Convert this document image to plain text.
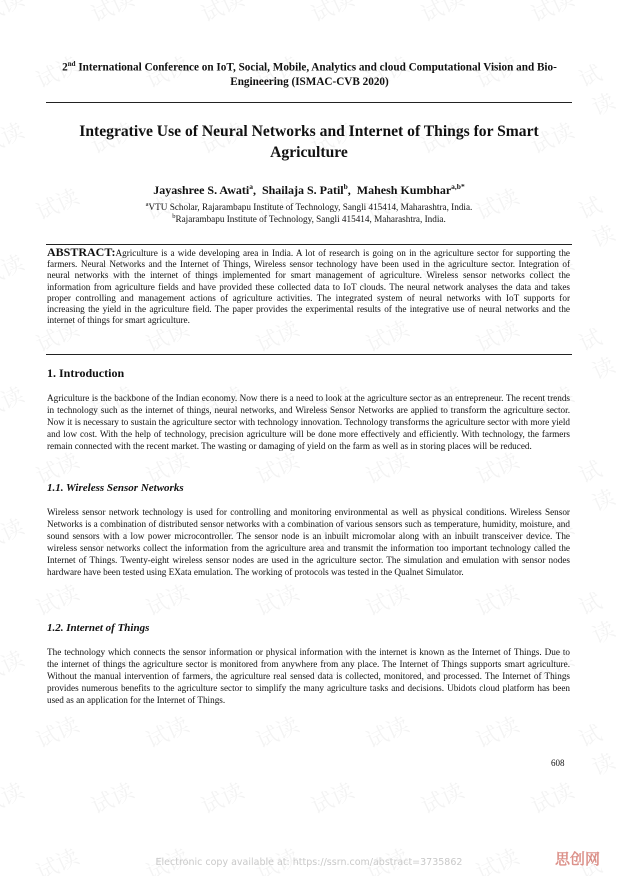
2nd International Conference on IoT, Social, Mobile, Analytics and cloud Computational Vision and Bio-Engineering (ISMAC-CVB 2020)
Integrative Use of Neural Networks and Internet of Things for Smart Agriculture
Jayashree S. Awati$^a$,  Shailaja S. Patil$^b$,  Mahesh Kumbhar$^{a,b*}$
$^a$VTU Scholar, Rajarambapu Institute of Technology, Sangli 415414, Maharashtra, India.
$^b$Rajarambapu Institute of Technology, Sangli 415414, Maharashtra, India.
ABSTRACT:Agriculture is a wide developing area in India. A lot of research is going on in the agriculture sector for supporting the farmers. Neural Networks and the Internet of Things, Wireless sensor technology have been used in the agriculture sector. Integration of neural networks with the internet of things implemented for smart management of agriculture. Wireless sensor networks collect the information from agriculture fields and have provided these collected data to IoT clouds. The neural network analyses the data and takes proper controlling and management actions of agriculture activities. The integrated system of neural networks with IoT supports for increasing the yield in the agriculture field. The paper provides the experimental results of the integrative use of neural networks and the internet of things for smart agriculture.
1. Introduction
Agriculture is the backbone of the Indian economy. Now there is a need to look at the agriculture sector as an entrepreneur. The recent trends in technology such as the internet of things, neural networks, and Wireless Sensor Networks are applied to transform the agriculture sector. Now it is necessary to sustain the agriculture sector with technology innovation. Technology transforms the agriculture sector with more yield and low cost. With the help of technology, precision agriculture will be done more effectively and efficiently. With technology, the farmers remain connected with the recent market. The wasting or damaging of yield on the farm as well as in storing places will be reduced.
1.1. Wireless Sensor Networks
Wireless sensor network technology is used for controlling and monitoring environmental as well as physical conditions. Wireless Sensor Networks is a combination of distributed sensor networks with a combination of various sensors such as temperature, humidity, moisture, and sound sensors with a low power microcontroller. The sensor node is an inbuilt micromolar along with an inbuilt transceiver device. The wireless sensor networks collect the information from the agriculture area and transmit the information too important technology called the Internet of Things. Twenty-eight wireless sensor nodes are used in the agriculture sector. The simulation and emulation with sensor nodes hardware have been tested using EXata emulation. The working of protocols was tested in the Qualnet Simulator.
1.2. Internet of Things
The technology which connects the sensor information or physical information with the internet is known as the Internet of Things. Due to the internet of things the agriculture sector is monitored from anywhere from any place. The Internet of Things supports smart agriculture. Without the manual intervention of farmers, the agriculture real sensed data is collected, monitored, and processed. The Internet of Things provides numerous benefits to the agriculture sector to simplify the many agriculture tasks and decisions. Ubidots cloud platform has been used as an application for the Internet of Things.
608
Electronic copy available at: https://ssrn.com/abstract=3735862	思创网
